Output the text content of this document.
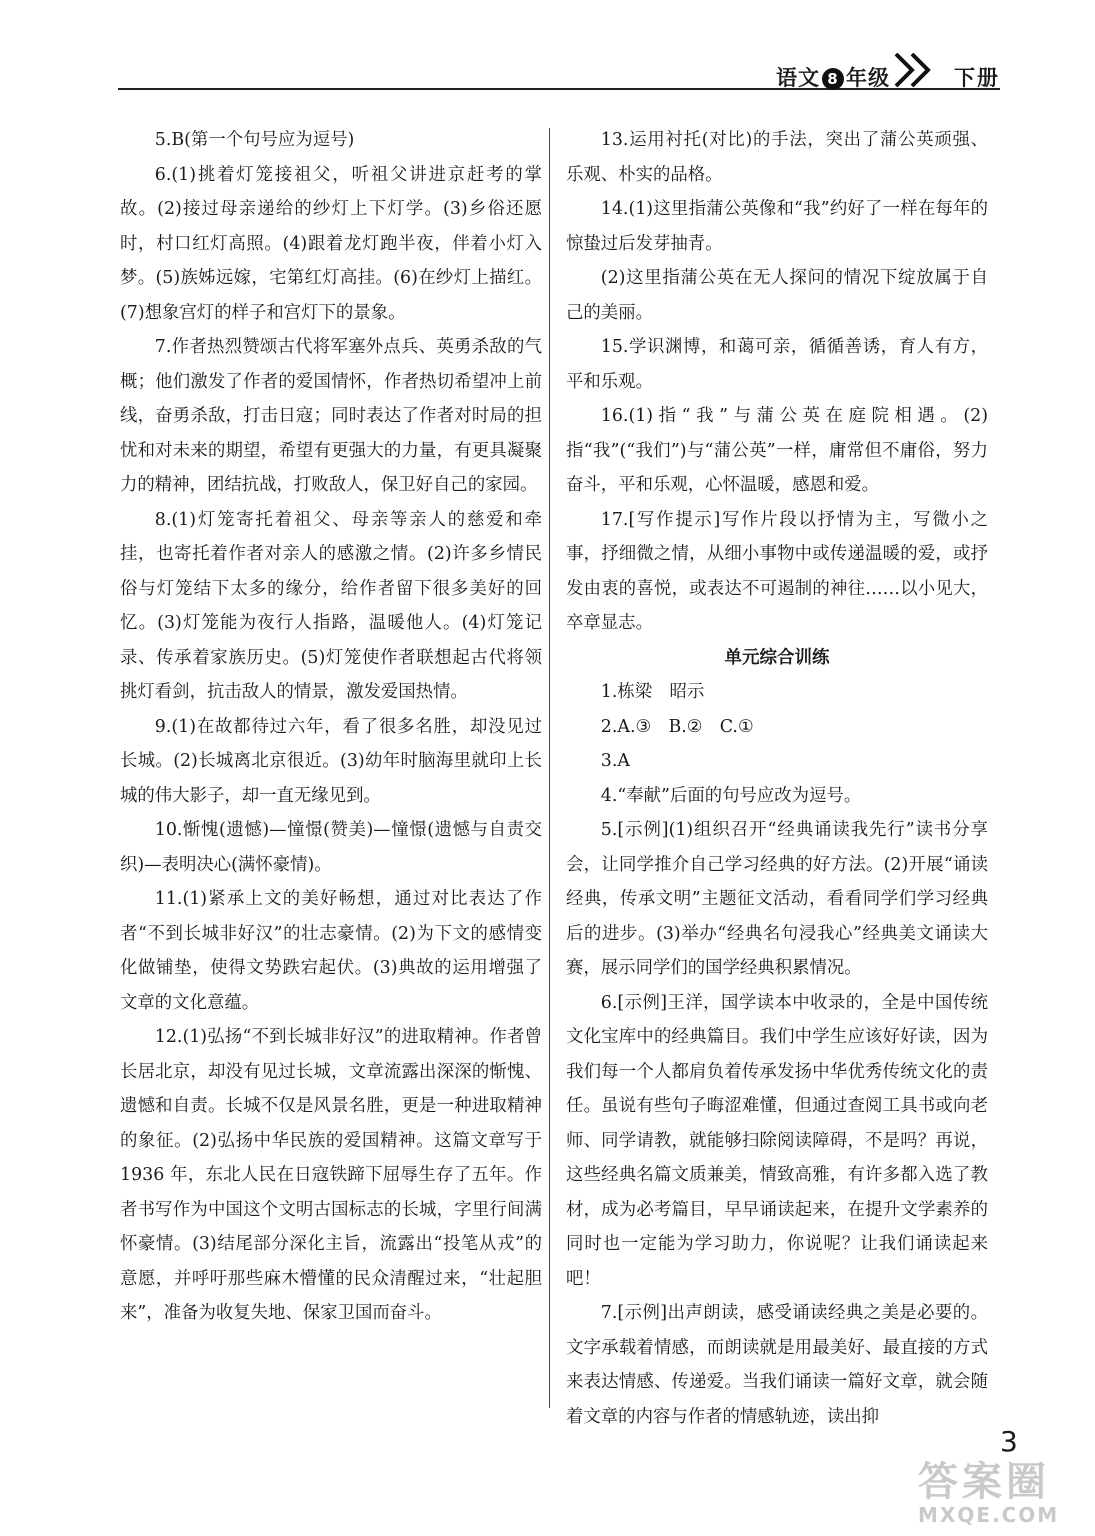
语文 8 年级	下册

5.B(第一个句号应为逗号)

6.(1)挑着灯笼接祖父，听祖父讲进京赶考的掌故。(2)接过母亲递给的纱灯上下灯学。(3)乡俗还愿时，村口红灯高照。(4)跟着龙灯跑半夜，伴着小灯入梦。(5)族姊远嫁，宅第红灯高挂。(6)在纱灯上描红。(7)想象宫灯的样子和宫灯下的景象。

7.作者热烈赞颂古代将军塞外点兵、英勇杀敌的气概；他们激发了作者的爱国情怀，作者热切希望冲上前线，奋勇杀敌，打击日寇；同时表达了作者对时局的担忧和对未来的期望，希望有更强大的力量，有更具凝聚力的精神，团结抗战，打败敌人，保卫好自己的家园。

8.(1)灯笼寄托着祖父、母亲等亲人的慈爱和牵挂，也寄托着作者对亲人的感激之情。(2)许多乡情民俗与灯笼结下太多的缘分，给作者留下很多美好的回忆。(3)灯笼能为夜行人指路，温暖他人。(4)灯笼记录、传承着家族历史。(5)灯笼使作者联想起古代将领挑灯看剑，抗击敌人的情景，激发爱国热情。

9.(1)在故都待过六年，看了很多名胜，却没见过长城。(2)长城离北京很近。(3)幼年时脑海里就印上长城的伟大影子，却一直无缘见到。

10.惭愧(遗憾)—憧憬(赞美)—憧憬(遗憾与自责交织)—表明决心(满怀豪情)。

11.(1)紧承上文的美好畅想，通过对比表达了作者“不到长城非好汉”的壮志豪情。(2)为下文的感情变化做铺垫，使得文势跌宕起伏。(3)典故的运用增强了文章的文化意蕴。

12.(1)弘扬“不到长城非好汉”的进取精神。作者曾长居北京，却没有见过长城，文章流露出深深的惭愧、遗憾和自责。长城不仅是风景名胜，更是一种进取精神的象征。(2)弘扬中华民族的爱国精神。这篇文章写于 1936 年，东北人民在日寇铁蹄下屈辱生存了五年。作者书写作为中国这个文明古国标志的长城，字里行间满怀豪情。(3)结尾部分深化主旨，流露出“投笔从戎”的意愿，并呼吁那些麻木懵懂的民众清醒过来，“壮起胆来”，准备为收复失地、保家卫国而奋斗。

13.运用衬托(对比)的手法，突出了蒲公英顽强、乐观、朴实的品格。

14.(1)这里指蒲公英像和“我”约好了一样在每年的惊蛰过后发芽抽青。

(2)这里指蒲公英在无人探问的情况下绽放属于自己的美丽。

15.学识渊博，和蔼可亲，循循善诱，育人有方，平和乐观。

16.(1)指“我”与蒲公英在庭院相遇。(2)指“我”(“我们”)与“蒲公英”一样，庸常但不庸俗，努力奋斗，平和乐观，心怀温暖，感恩和爱。

17.[写作提示]写作片段以抒情为主，写微小之事，抒细微之情，从细小事物中或传递温暖的爱，或抒发由衷的喜悦，或表达不可遏制的神往……以小见大，卒章显志。

单元综合训练

1.栋梁　昭示

2.A.③　B.②　C.①

3.A

4.“奉献”后面的句号应改为逗号。

5.[示例](1)组织召开“经典诵读我先行”读书分享会，让同学推介自己学习经典的好方法。(2)开展“诵读经典，传承文明”主题征文活动，看看同学们学习经典后的进步。(3)举办“经典名句浸我心”经典美文诵读大赛，展示同学们的国学经典积累情况。

6.[示例]王洋，国学读本中收录的，全是中国传统文化宝库中的经典篇目。我们中学生应该好好读，因为我们每一个人都肩负着传承发扬中华优秀传统文化的责任。虽说有些句子晦涩难懂，但通过查阅工具书或向老师、同学请教，就能够扫除阅读障碍，不是吗？再说，这些经典名篇文质兼美，情致高雅，有许多都入选了教材，成为必考篇目，早早诵读起来，在提升文学素养的同时也一定能为学习助力，你说呢？让我们诵读起来吧！

7.[示例]出声朗读，感受诵读经典之美是必要的。文字承载着情感，而朗读就是用最美好、最直接的方式来表达情感、传递爱。当我们诵读一篇好文章，就会随着文章的内容与作者的情感轨迹，读出抑

3
答案圈
MXQE.COM
